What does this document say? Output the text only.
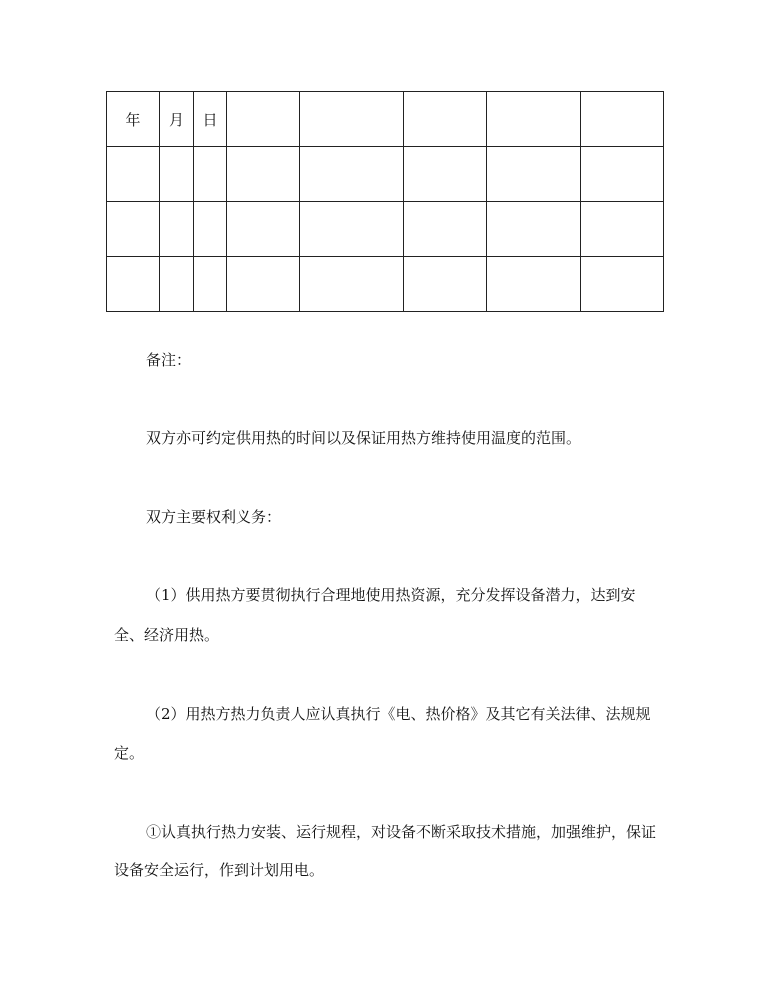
年	月	日					

备注：

双方亦可约定供用热的时间以及保证用热方维持使用温度的范围。

双方主要权利义务：

（1）供用热方要贯彻执行合理地使用热资源，充分发挥设备潜力，达到安

全、经济用热。

（2）用热方热力负责人应认真执行《电、热价格》及其它有关法律、法规规

定。

①认真执行热力安装、运行规程，对设备不断采取技术措施，加强维护，保证

设备安全运行，作到计划用电。
